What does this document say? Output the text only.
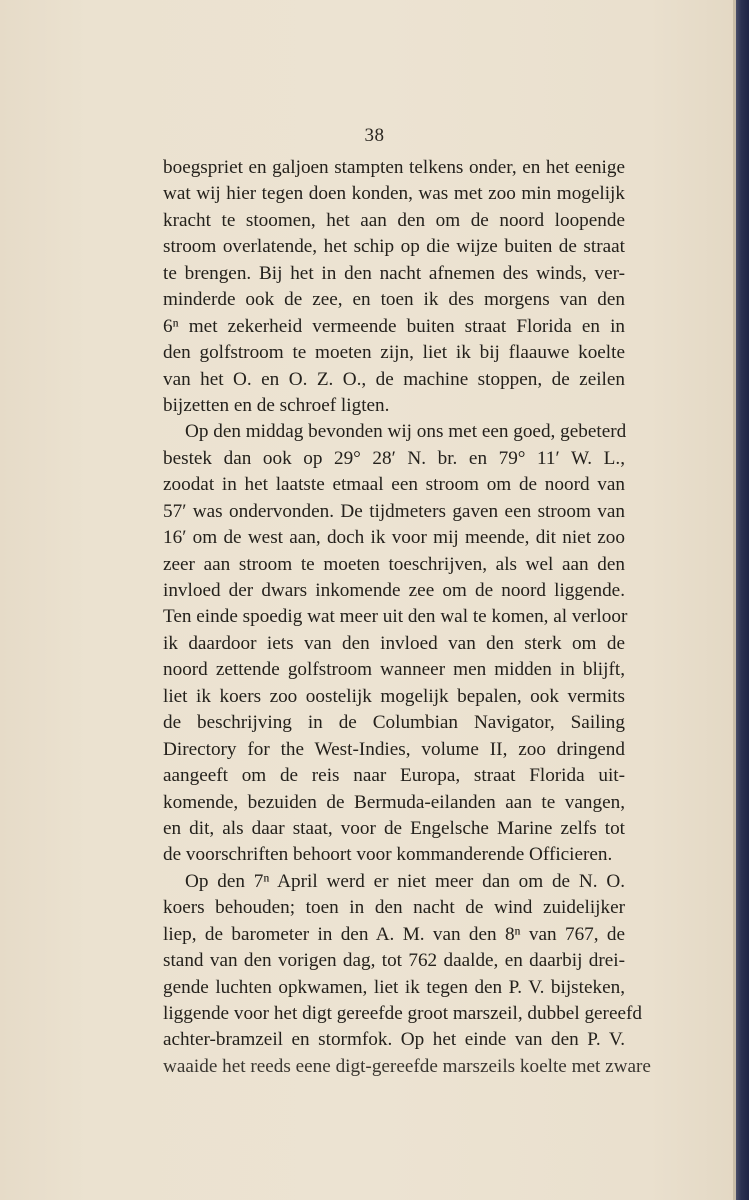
38
boegspriet en galjoen stampten telkens onder, en het eenige
wat wij hier tegen doen konden, was met zoo min mogelijk
kracht te stoomen, het aan den om de noord loopende
stroom overlatende, het schip op die wijze buiten de straat
te brengen. Bij het in den nacht afnemen des winds, ver-
minderde ook de zee, en toen ik des morgens van den
6ⁿ met zekerheid vermeende buiten straat Florida en in
den golfstroom te moeten zijn, liet ik bij flaauwe koelte
van het O. en O. Z. O., de machine stoppen, de zeilen
bijzetten en de schroef ligten.
Op den middag bevonden wij ons met een goed, gebeterd
bestek dan ook op 29° 28′ N. br. en 79° 11′ W. L.,
zoodat in het laatste etmaal een stroom om de noord van
57′ was ondervonden. De tijdmeters gaven een stroom van
16′ om de west aan, doch ik voor mij meende, dit niet zoo
zeer aan stroom te moeten toeschrijven, als wel aan den
invloed der dwars inkomende zee om de noord liggende.
Ten einde spoedig wat meer uit den wal te komen, al verloor
ik daardoor iets van den invloed van den sterk om de
noord zettende golfstroom wanneer men midden in blijft,
liet ik koers zoo oostelijk mogelijk bepalen, ook vermits
de beschrijving in de Columbian Navigator, Sailing
Directory for the West-Indies, volume II, zoo dringend
aangeeft om de reis naar Europa, straat Florida uit-
komende, bezuiden de Bermuda-eilanden aan te vangen,
en dit, als daar staat, voor de Engelsche Marine zelfs tot
de voorschriften behoort voor kommanderende Officieren.
Op den 7ⁿ April werd er niet meer dan om de N. O.
koers behouden; toen in den nacht de wind zuidelijker
liep, de barometer in den A. M. van den 8ⁿ van 767, de
stand van den vorigen dag, tot 762 daalde, en daarbij drei-
gende luchten opkwamen, liet ik tegen den P. V. bijsteken,
liggende voor het digt gereefde groot marszeil, dubbel gereefd
achter-bramzeil en stormfok. Op het einde van den P. V.
waaide het reeds eene digt-gereefde marszeils koelte met zware
